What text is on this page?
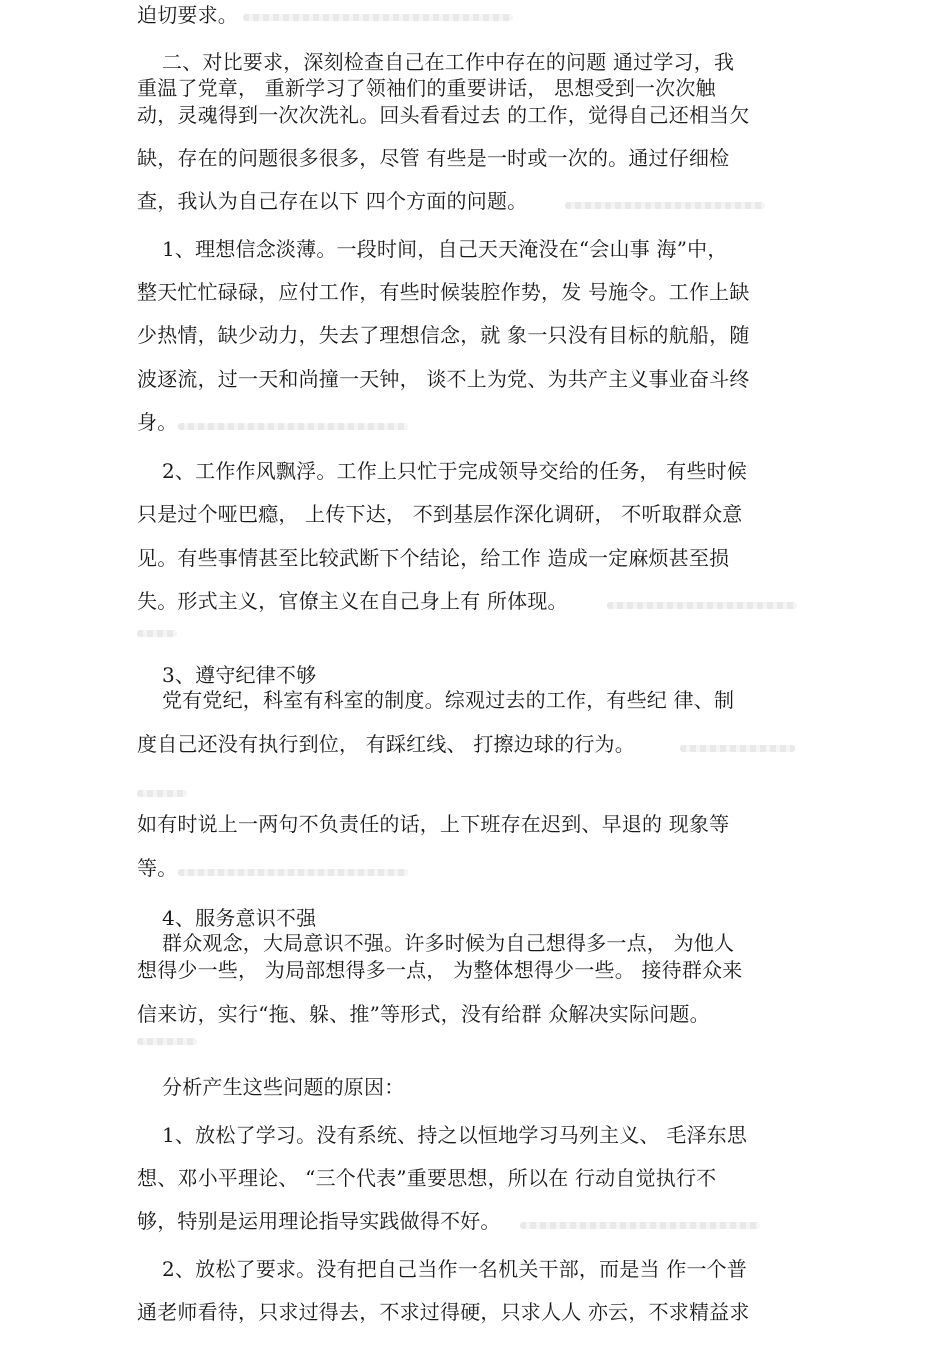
迫切要求。

二、对比要求，深刻检查自己在工作中存在的问题 通过学习，我

重温了党章， 重新学习了领袖们的重要讲话， 思想受到一次次触

动，灵魂得到一次次洗礼。回头看看过去 的工作，觉得自己还相当欠

缺，存在的问题很多很多，尽管 有些是一时或一次的。通过仔细检

查，我认为自己存在以下 四个方面的问题。

1、理想信念淡薄。一段时间，自己天天淹没在“会山事 海”中，

整天忙忙碌碌，应付工作，有些时候装腔作势，发 号施令。工作上缺

少热情，缺少动力，失去了理想信念，就 象一只没有目标的航船，随

波逐流，过一天和尚撞一天钟， 谈不上为党、为共产主义事业奋斗终

身。

2、工作作风飘浮。工作上只忙于完成领导交给的任务， 有些时候

只是过个哑巴瘾， 上传下达， 不到基层作深化调研， 不听取群众意

见。有些事情甚至比较武断下个结论，给工作 造成一定麻烦甚至损

失。形式主义，官僚主义在自己身上有 所体现。

3、遵守纪律不够

党有党纪，科室有科室的制度。综观过去的工作，有些纪 律、制

度自己还没有执行到位， 有踩红线、 打擦边球的行为。

如有时说上一两句不负责任的话，上下班存在迟到、早退的 现象等

等。

4、服务意识不强

群众观念，大局意识不强。许多时候为自己想得多一点， 为他人

想得少一些， 为局部想得多一点， 为整体想得少一些。 接待群众来

信来访，实行“拖、躲、推”等形式，没有给群 众解决实际问题。

分析产生这些问题的原因：

1、放松了学习。没有系统、持之以恒地学习马列主义、 毛泽东思

想、邓小平理论、 “三个代表”重要思想，所以在 行动自觉执行不

够，特别是运用理论指导实践做得不好。

2、放松了要求。没有把自己当作一名机关干部，而是当 作一个普

通老师看待，只求过得去，不求过得硬，只求人人 亦云，不求精益求
